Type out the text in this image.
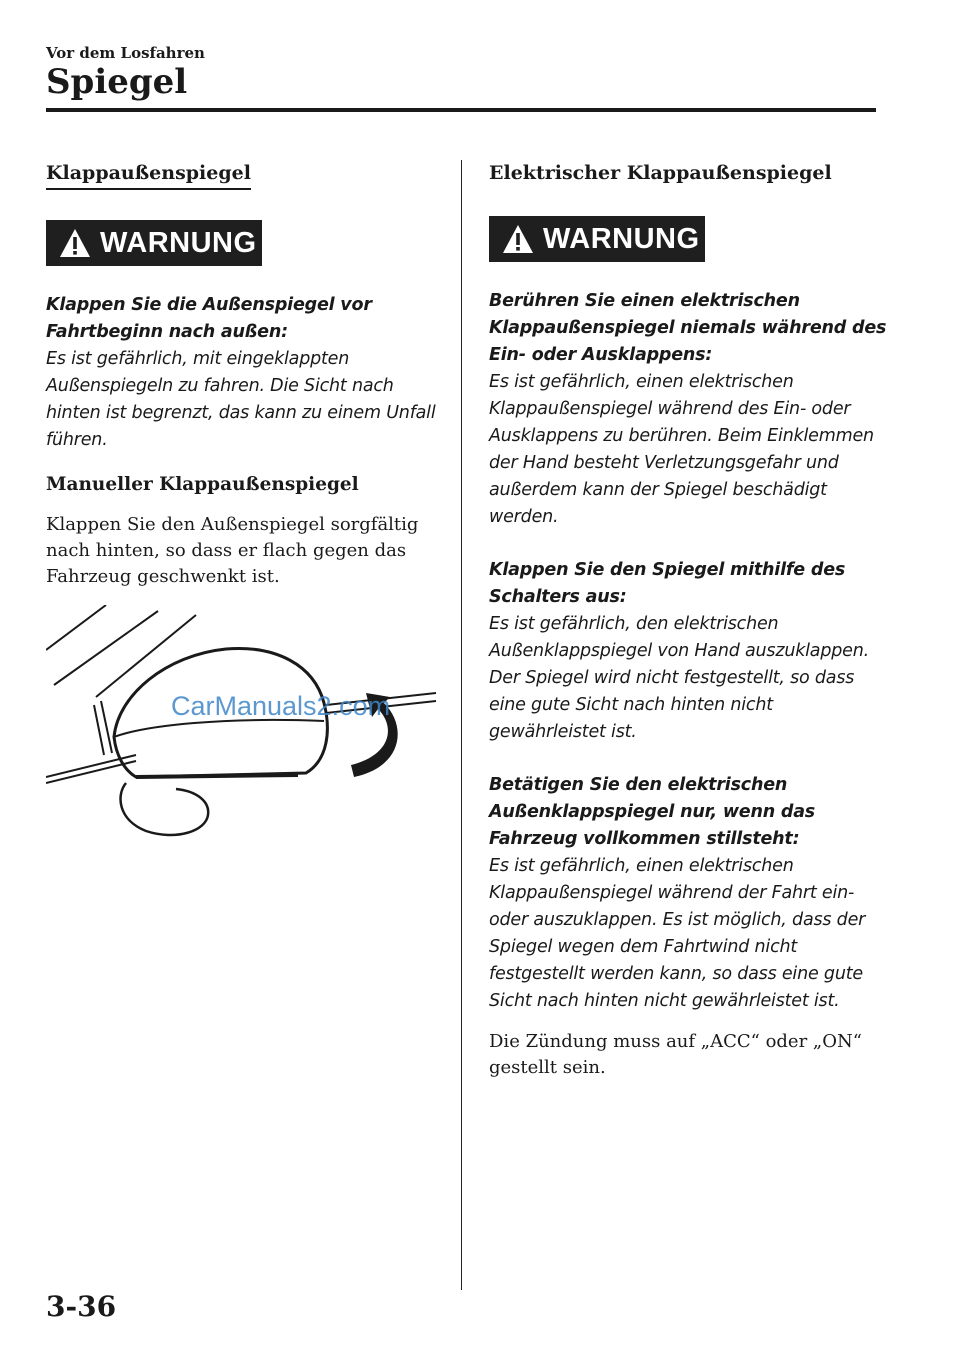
Vor dem Losfahren
Spiegel
Klappaußenspiegel
WARNUNG

Klappen Sie die Außenspiegel vor Fahrtbeginn nach außen:
Es ist gefährlich, mit eingeklappten Außenspiegeln zu fahren. Die Sicht nach hinten ist begrenzt, das kann zu einem Unfall führen.

Manueller Klappaußenspiegel

Klappen Sie den Außenspiegel sorgfältig nach hinten, so dass er flach gegen das Fahrzeug geschwenkt ist.

CarManuals2.com
Elektrischer Klappaußenspiegel
WARNUNG

Berühren Sie einen elektrischen Klappaußenspiegel niemals während des Ein- oder Ausklappens:
Es ist gefährlich, einen elektrischen Klappaußenspiegel während des Ein- oder Ausklappens zu berühren. Beim Einklemmen der Hand besteht Verletzungsgefahr und außerdem kann der Spiegel beschädigt werden.

Klappen Sie den Spiegel mithilfe des Schalters aus:
Es ist gefährlich, den elektrischen Außenklappspiegel von Hand auszuklappen. Der Spiegel wird nicht festgestellt, so dass eine gute Sicht nach hinten nicht gewährleistet ist.

Betätigen Sie den elektrischen Außenklappspiegel nur, wenn das Fahrzeug vollkommen stillsteht:
Es ist gefährlich, einen elektrischen Klappaußenspiegel während der Fahrt ein- oder auszuklappen. Es ist möglich, dass der Spiegel wegen dem Fahrtwind nicht festgestellt werden kann, so dass eine gute Sicht nach hinten nicht gewährleistet ist.

Die Zündung muss auf „ACC“ oder „ON“ gestellt sein.

3-36
